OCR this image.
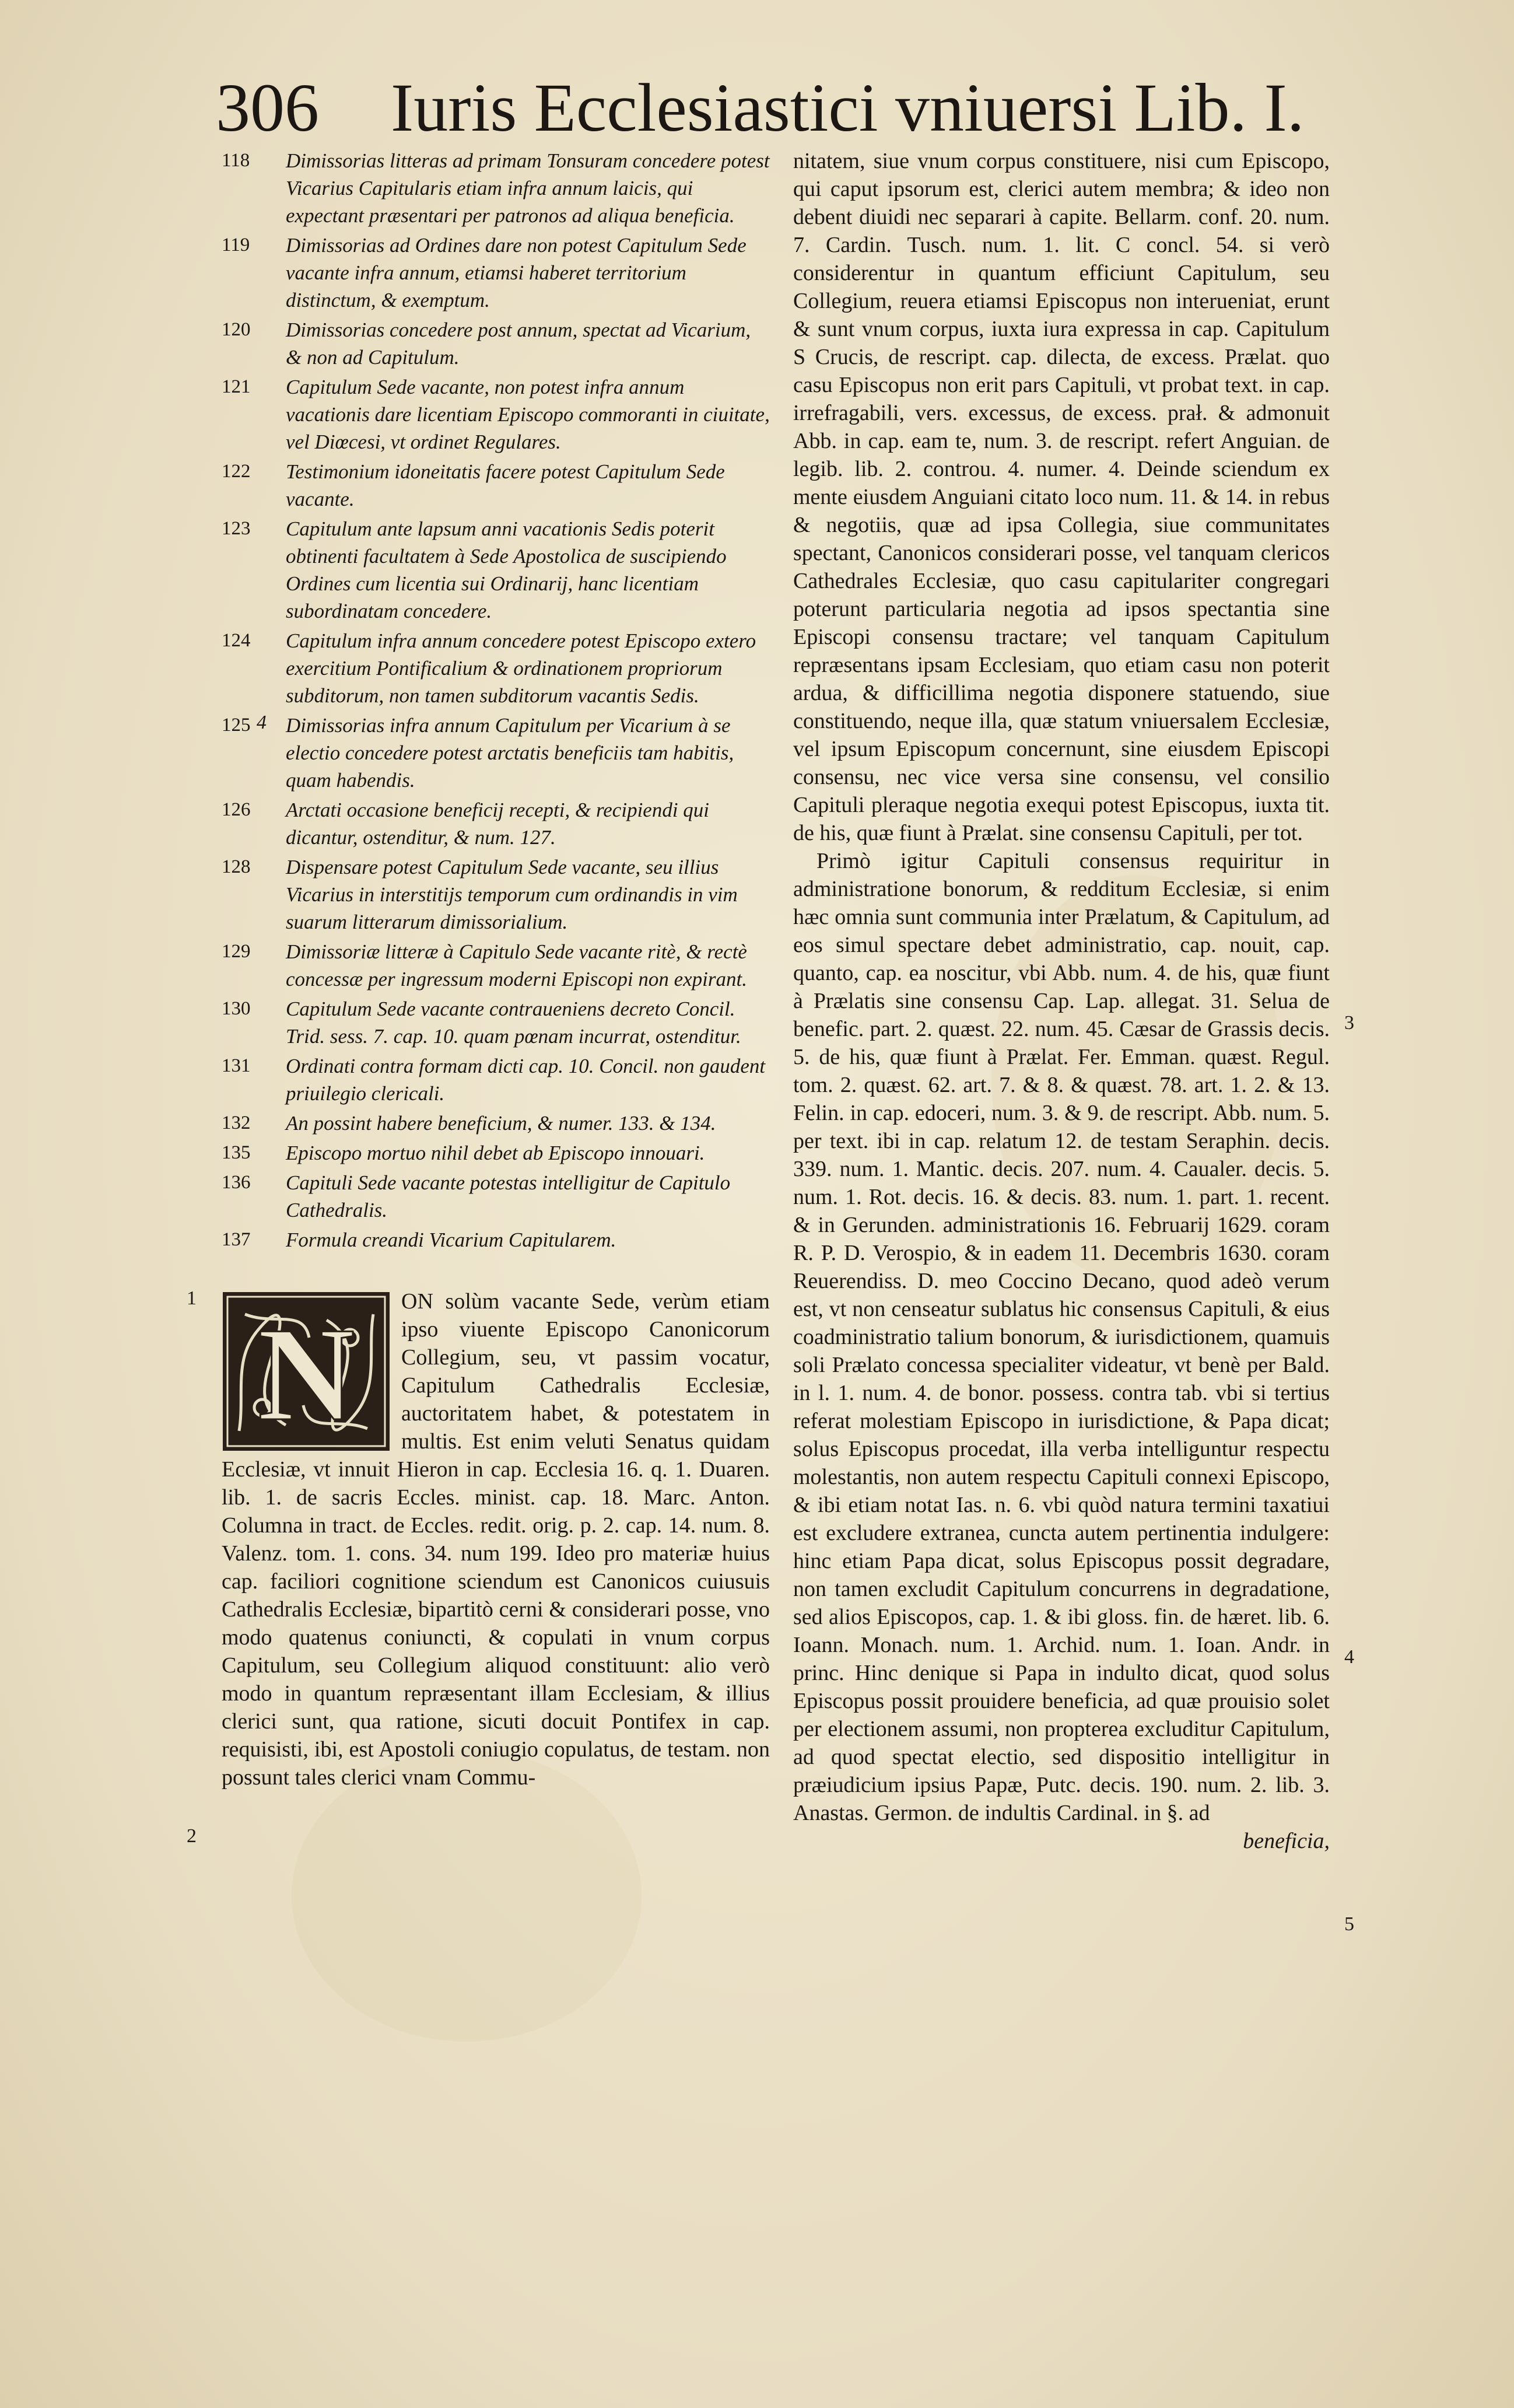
306 Iuris Ecclesiastici vniuersi Lib. I.
118 Dimissorias litteras ad primam Tonsuram concedere potest Vicarius Capitularis etiam infra annum laicis, qui expectant præsentari per patronos ad aliqua beneficia.
119 Dimissorias ad Ordines dare non potest Capitulum Sede vacante infra annum, etiamsi haberet territorium distinctum, & exemptum.
120 Dimissorias concedere post annum, spectat ad Vicarium, & non ad Capitulum.
121 Capitulum Sede vacante, non potest infra annum vacationis dare licentiam Episcopo commoranti in ciuitate, vel Diœcesi, vt ordinet Regulares.
122 Testimonium idoneitatis facere potest Capitulum Sede vacante.
123 Capitulum ante lapsum anni vacationis Sedis poterit obtinenti facultatem à Sede Apostolica de suscipiendo Ordines cum licentia sui Ordinarij, hanc licentiam subordinatam concedere.
124 Capitulum infra annum concedere potest Episcopo extero exercitium Pontificalium & ordinationem propriorum subditorum, non tamen subditorum vacantis Sedis.
4
125 Dimissorias infra annum Capitulum per Vicarium à se electio concedere potest arctatis beneficiis tam habitis, quam habendis.
126 Arctati occasione beneficij recepti, & recipiendi qui dicantur, ostenditur, & num. 127.
128 Dispensare potest Capitulum Sede vacante, seu illius Vicarius in interstitijs temporum cum ordinandis in vim suarum litterarum dimissorialium.
129 Dimissoriæ litteræ à Capitulo Sede vacante ritè, & rectè concessæ per ingressum moderni Episcopi non expirant.
130 Capitulum Sede vacante contraueniens decreto Concil. Trid. sess. 7. cap. 10. quam pœnam incurrat, ostenditur.
131 Ordinati contra formam dicti cap. 10. Concil. non gaudent priuilegio clericali.
132 An possint habere beneficium, & numer. 133. & 134.
135 Episcopo mortuo nihil debet ab Episcopo innouari.
136 Capituli Sede vacante potestas intelligitur de Capitulo Cathedralis.
137 Formula creandi Vicarium Capitularem.
1
2
N	ON solùm vacante Sede, verùm etiam ipso viuente Episcopo Canonicorum Collegium, seu, vt passim vocatur, Capitulum Cathedralis Ecclesiæ, auctoritatem habet, & potestatem in multis. Est enim veluti Senatus quidam Ecclesiæ, vt innuit Hieron in cap. Ecclesia 16. q. 1. Duaren. lib. 1. de sacris Eccles. minist. cap. 18. Marc. Anton. Columna in tract. de Eccles. redit. orig. p. 2. cap. 14. num. 8. Valenz. tom. 1. cons. 34. num 199. Ideo pro materiæ huius cap. faciliori cognitione sciendum est Canonicos cuiusuis Cathedralis Ecclesiæ, bipartitò cerni & considerari posse, vno modo quatenus coniuncti, & copulati in vnum corpus Capitulum, seu Collegium aliquod constituunt: alio verò modo in quantum repræsentant illam Ecclesiam, & illius clerici sunt, qua ratione, sicuti docuit Pontifex in cap. requisisti, ibi, est Apostoli coniugio copulatus, de testam. non possunt tales clerici vnam Commu-

nitatem, siue vnum corpus constituere, nisi cum Episcopo, qui caput ipsorum est, clerici autem membra; & ideo non debent diuidi nec separari à capite. Bellarm. conf. 20. num. 7. Cardin. Tusch. num. 1. lit. C concl. 54. si verò considerentur in quantum efficiunt Capitulum, seu Collegium, reuera etiamsi Episcopus non interueniat, erunt & sunt vnum corpus, iuxta iura expressa in cap. Capitulum S Crucis, de rescript. cap. dilecta, de excess. Prælat. quo casu Episcopus non erit pars Capituli, vt probat text. in cap. irrefragabili, vers. excessus, de excess. prał. & admonuit Abb. in cap. eam te, num. 3. de rescript. refert Anguian. de legib. lib. 2. controu. 4. numer. 4. Deinde sciendum ex mente eiusdem Anguiani citato loco num. 11. & 14. in rebus & negotiis, quæ ad ipsa Collegia, siue communitates spectant, Canonicos considerari posse, vel tanquam clericos Cathedrales Ecclesiæ, quo casu capitulariter congregari poterunt particularia negotia ad ipsos spectantia sine Episcopi consensu tractare; vel tanquam Capitulum repræsentans ipsam Ecclesiam, quo etiam casu non poterit ardua, & difficillima negotia disponere statuendo, siue constituendo, neque illa, quæ statum vniuersalem Ecclesiæ, vel ipsum Episcopum concernunt, sine eiusdem Episcopi consensu, nec vice versa sine consensu, vel consilio Capituli pleraque negotia exequi potest Episcopus, iuxta tit. de his, quæ fiunt à Prælat. sine consensu Capituli, per tot.

Primò igitur Capituli consensus requiritur in administratione bonorum, & redditum Ecclesiæ, si enim hæc omnia sunt communia inter Prælatum, & Capitulum, ad eos simul spectare debet administratio, cap. nouit, cap. quanto, cap. ea noscitur, vbi Abb. num. 4. de his, quæ fiunt à Prælatis sine consensu Cap. Lap. allegat. 31. Selua de benefic. part. 2. quæst. 22. num. 45. Cæsar de Grassis decis. 5. de his, quæ fiunt à Prælat. Fer. Emman. quæst. Regul. tom. 2. quæst. 62. art. 7. & 8. & quæst. 78. art. 1. 2. & 13. Felin. in cap. edoceri, num. 3. & 9. de rescript. Abb. num. 5. per text. ibi in cap. relatum 12. de testam Seraphin. decis. 339. num. 1. Mantic. decis. 207. num. 4. Caualer. decis. 5. num. 1. Rot. decis. 16. & decis. 83. num. 1. part. 1. recent. & in Gerunden. administrationis 16. Februarij 1629. coram R. P. D. Verospio, & in eadem 11. Decembris 1630. coram Reuerendiss. D. meo Coccino Decano, quod adeò verum est, vt non censeatur sublatus hic consensus Capituli, & eius coadministratio talium bonorum, & iurisdictionem, quamuis soli Prælato concessa specialiter videatur, vt benè per Bald. in l. 1. num. 4. de bonor. possess. contra tab. vbi si tertius referat molestiam Episcopo in iurisdictione, & Papa dicat; solus Episcopus procedat, illa verba intelliguntur respectu molestantis, non autem respectu Capituli connexi Episcopo, & ibi etiam notat Ias. n. 6. vbi quòd natura termini taxatiui est excludere extranea, cuncta autem pertinentia indulgere: hinc etiam Papa dicat, solus Episcopus possit degradare, non tamen excludit Capitulum concurrens in degradatione, sed alios Episcopos, cap. 1. & ibi gloss. fin. de hæret. lib. 6. Ioann. Monach. num. 1. Archid. num. 1. Ioan. Andr. in princ. Hinc denique si Papa in indulto dicat, quod solus Episcopus possit prouidere beneficia, ad quæ prouisio solet per electionem assumi, non propterea excluditur Capitulum, ad quod spectat electio, sed dispositio intelligitur in præiudicium ipsius Papæ, Putc. decis. 190. num. 2. lib. 3. Anastas. Germon. de indultis Cardinal. in §. ad

beneficia,

3
4
5
